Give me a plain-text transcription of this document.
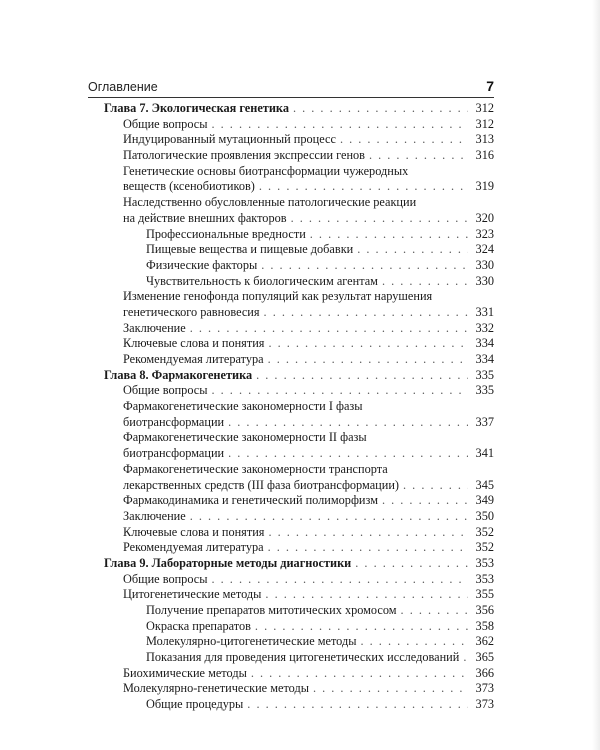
Оглавление	7
Глава 7. Экологическая генетика . . .	312
Общие вопросы . . .	312
Индуцированный мутационный процесс . . .	313
Патологические проявления экспрессии генов . . .	316
Генетические основы биотрансформации чужеродных
веществ (ксенобиотиков) . . .	319
Наследственно обусловленные патологические реакции
на действие внешних факторов . . .	320
Профессиональные вредности . . .	323
Пищевые вещества и пищевые добавки . . .	324
Физические факторы . . .	330
Чувствительность к биологическим агентам . . .	330
Изменение генофонда популяций как результат нарушения
генетического равновесия . . .	331
Заключение . . .	332
Ключевые слова и понятия . . .	334
Рекомендуемая литература . . .	334
Глава 8. Фармакогенетика . . .	335
Общие вопросы . . .	335
Фармакогенетические закономерности I фазы
биотрансформации . . .	337
Фармакогенетические закономерности II фазы
биотрансформации . . .	341
Фармакогенетические закономерности транспорта
лекарственных средств (III фаза биотрансформации) . . .	345
Фармакодинамика и генетический полиморфизм . . .	349
Заключение . . .	350
Ключевые слова и понятия . . .	352
Рекомендуемая литература . . .	352
Глава 9. Лабораторные методы диагностики . . .	353
Общие вопросы . . .	353
Цитогенетические методы . . .	355
Получение препаратов митотических хромосом . . .	356
Окраска препаратов . . .	358
Молекулярно-цитогенетические методы . . .	362
Показания для проведения цитогенетических исследований . . . 365
Биохимические методы . . .	366
Молекулярно-генетические методы . . .	373
Общие процедуры . . .	373
